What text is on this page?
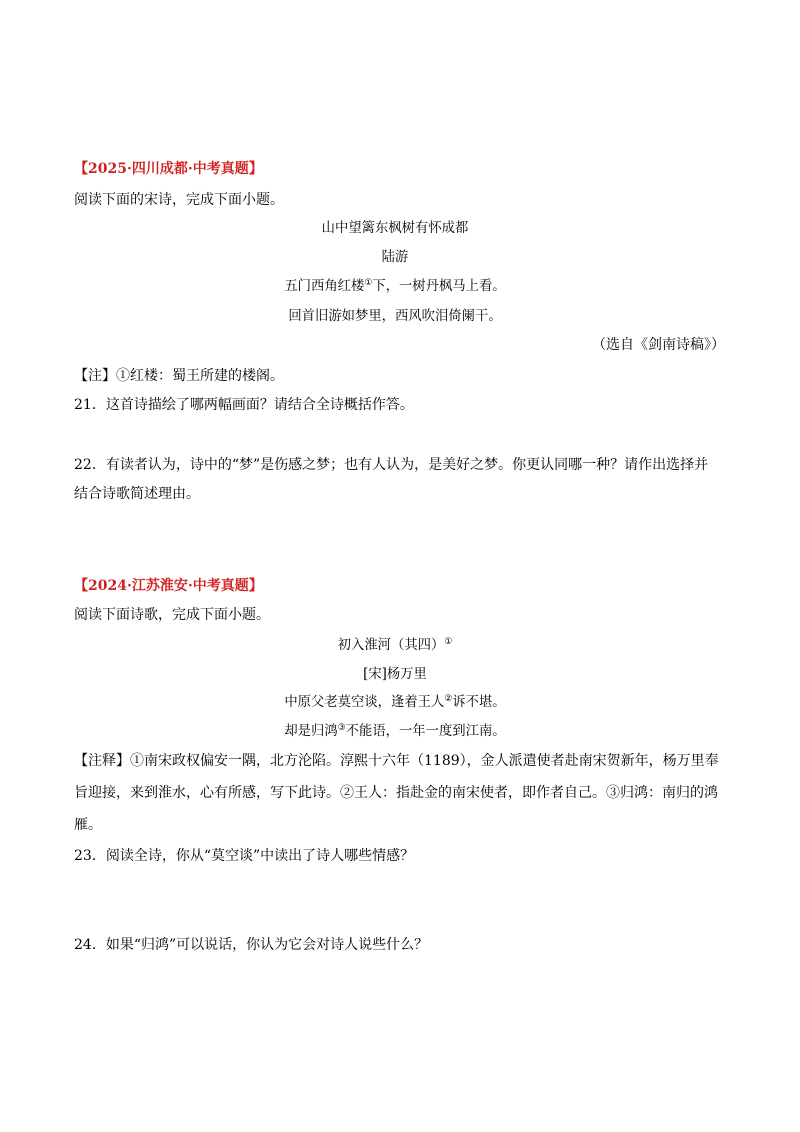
【2025·四川成都·中考真题】
阅读下面的宋诗，完成下面小题。
山中望篱东枫树有怀成都
陆游
五门西角红楼①下，一树丹枫马上看。
回首旧游如梦里，西风吹泪倚阑干。
（选自《剑南诗稿》）
【注】①红楼：蜀王所建的楼阁。
21．这首诗描绘了哪两幅画面？请结合全诗概括作答。
22．有读者认为，诗中的“梦”是伤感之梦；也有人认为，是美好之梦。你更认同哪一种？请作出选择并
结合诗歌简述理由。
【2024·江苏淮安·中考真题】
阅读下面诗歌，完成下面小题。
初入淮河（其四）①
[宋]杨万里
中原父老莫空谈，逢着王人②诉不堪。
却是归鸿③不能语，一年一度到江南。
【注释】①南宋政权偏安一隅，北方沦陷。淳熙十六年（1189），金人派遣使者赴南宋贺新年，杨万里奉
旨迎接，来到淮水，心有所感，写下此诗。②王人：指赴金的南宋使者，即作者自己。③归鸿：南归的鸿
雁。
23．阅读全诗，你从“莫空谈”中读出了诗人哪些情感？
24．如果“归鸿”可以说话，你认为它会对诗人说些什么？
